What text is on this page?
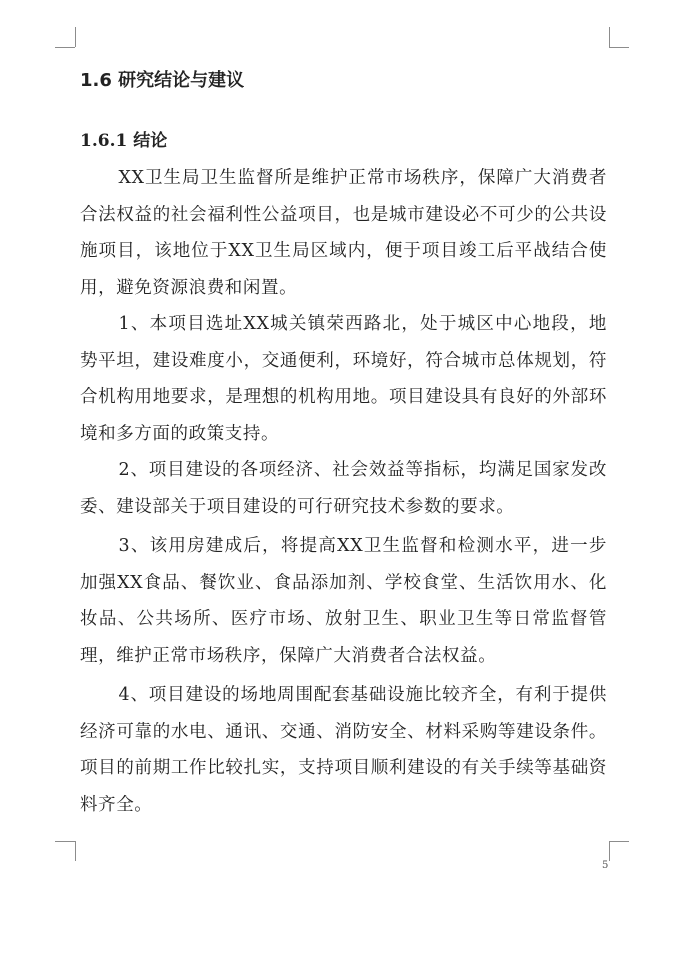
1.6 研究结论与建议
1.6.1 结论

XX卫生局卫生监督所是维护正常市场秩序，保障广大消费者合法权益的社会福利性公益项目，也是城市建设必不可少的公共设施项目，该地位于XX卫生局区域内，便于项目竣工后平战结合使用，避免资源浪费和闲置。

1、本项目选址XX城关镇荣西路北，处于城区中心地段，地势平坦，建设难度小，交通便利，环境好，符合城市总体规划，符合机构用地要求，是理想的机构用地。项目建设具有良好的外部环境和多方面的政策支持。

2、项目建设的各项经济、社会效益等指标，均满足国家发改委、建设部关于项目建设的可行研究技术参数的要求。

3、该用房建成后，将提高XX卫生监督和检测水平，进一步加强XX食品、餐饮业、食品添加剂、学校食堂、生活饮用水、化妆品、公共场所、医疗市场、放射卫生、职业卫生等日常监督管理，维护正常市场秩序，保障广大消费者合法权益。

4、项目建设的场地周围配套基础设施比较齐全，有利于提供经济可靠的水电、通讯、交通、消防安全、材料采购等建设条件。项目的前期工作比较扎实，支持项目顺利建设的有关手续等基础资料齐全。

5
